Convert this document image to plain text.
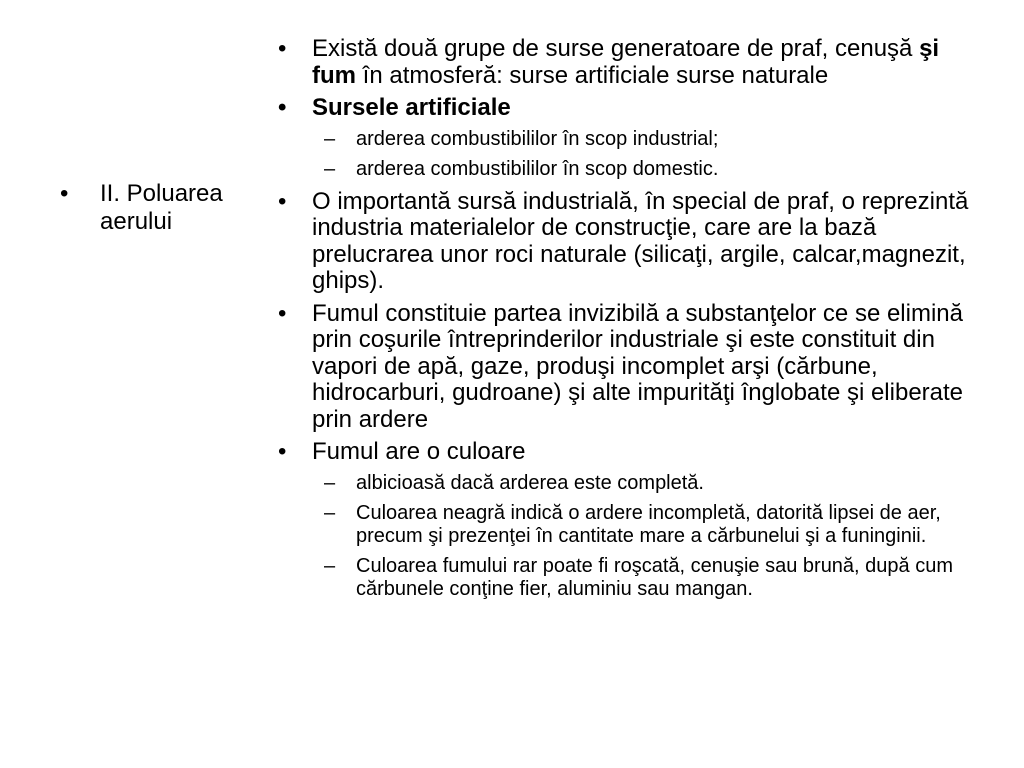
• II. Poluarea aerului
• Există două grupe de surse generatoare de praf, cenuşă şi fum în atmosferă: surse artificiale surse naturale
• Sursele artificiale
– arderea combustibililor în scop industrial;
– arderea combustibililor în scop domestic.
• O importantă sursă industrială, în special de praf, o reprezintă industria materialelor de construcţie, care are la bază prelucrarea unor roci naturale (silicaţi, argile, calcar,magnezit, ghips).
• Fumul constituie partea invizibilă a substanţelor ce se elimină prin coşurile întreprinderilor industriale şi este constituit din vapori de apă, gaze, produşi incomplet arşi (cărbune, hidrocarburi, gudroane) şi alte impurităţi înglobate şi eliberate prin ardere
• Fumul are o culoare
– albicioasă dacă arderea este completă.
– Culoarea neagră indică o ardere incompletă, datorită lipsei de aer, precum şi prezenţei în cantitate mare a cărbunelui şi a funinginii.
– Culoarea fumului rar poate fi roşcată, cenuşie sau brună, după cum cărbunele conţine fier, aluminiu sau mangan.
